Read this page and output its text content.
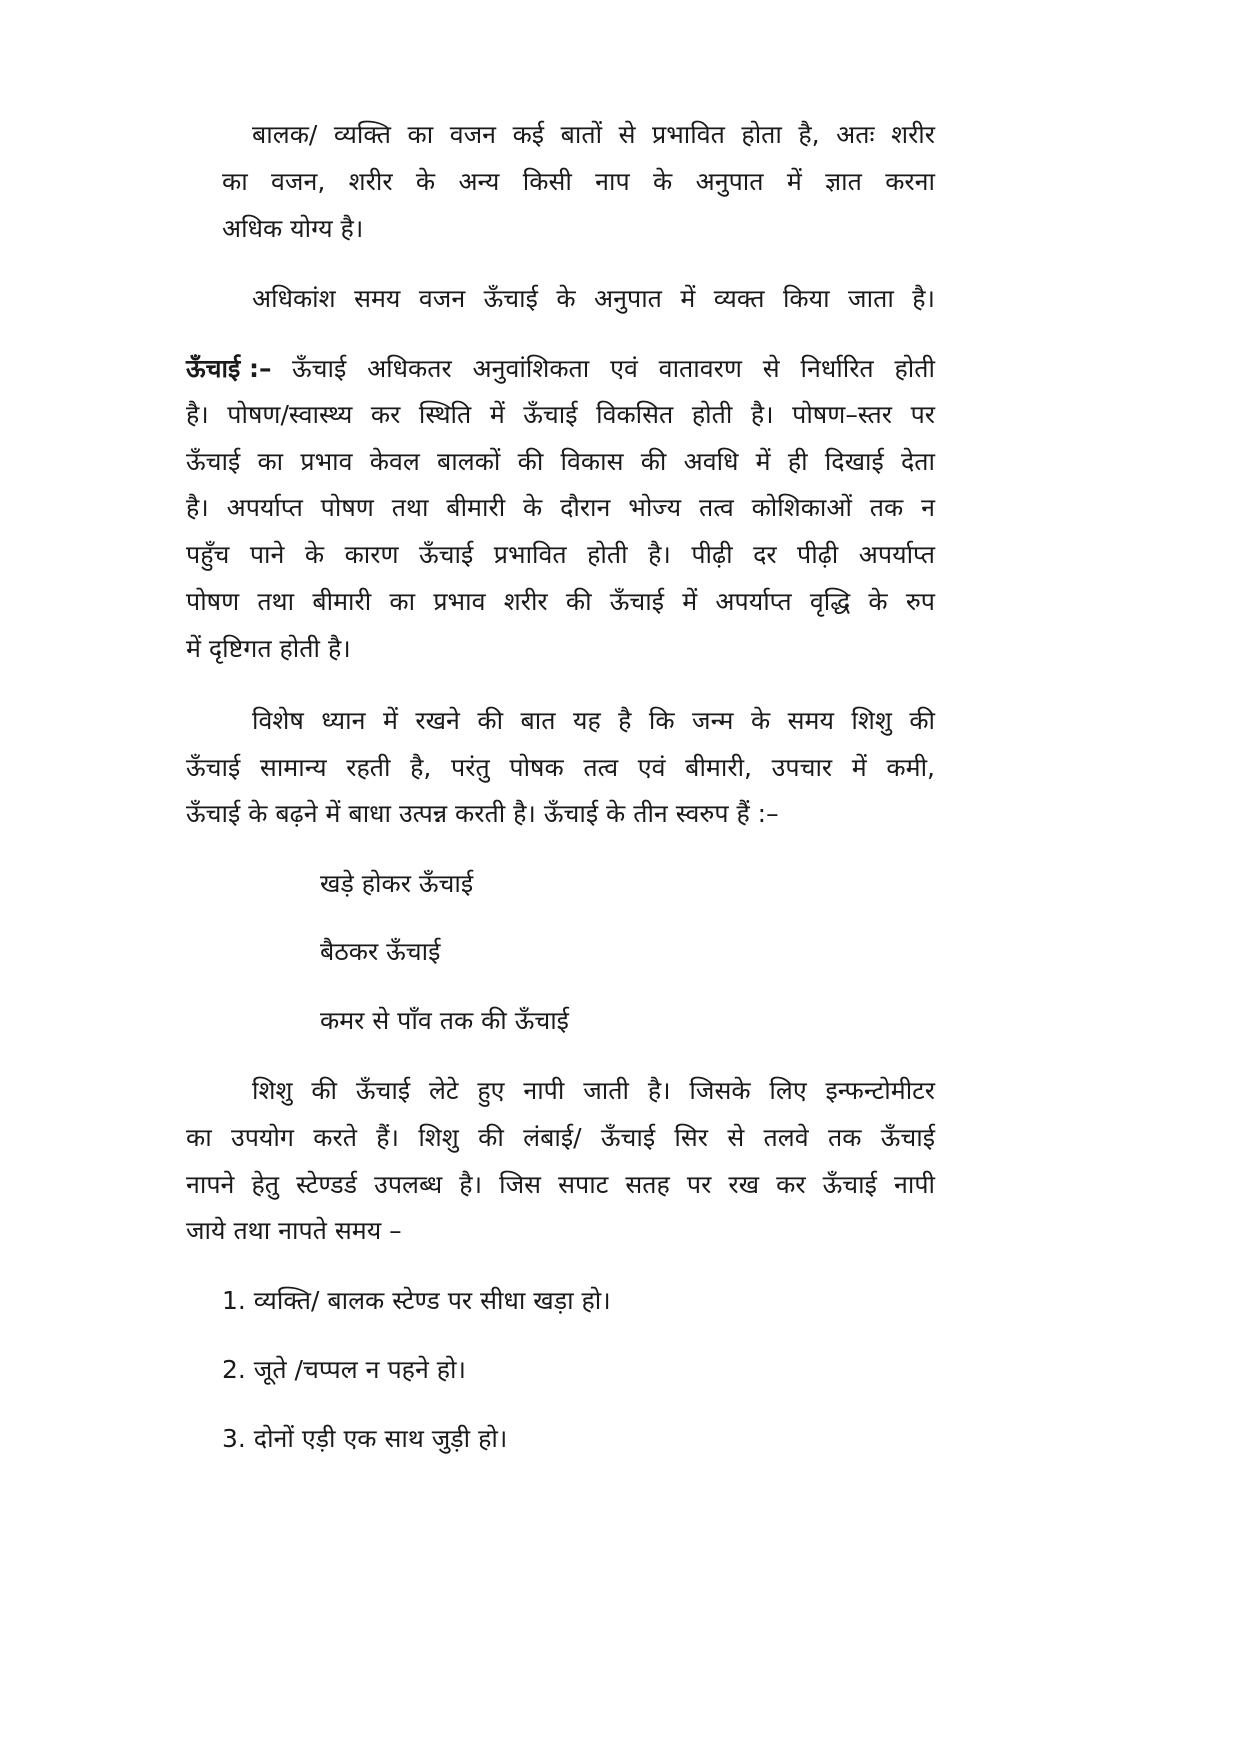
बालक/ व्यक्ति का वजन कई बातों से प्रभावित होता है, अतः शरीर
का वजन, शरीर के अन्य किसी नाप के अनुपात में ज्ञात करना
अधिक योग्य है।
अधिकांश समय वजन ऊँचाई के अनुपात में व्यक्त किया जाता है।
ऊँचाई :– ऊँचाई अधिकतर अनुवांशिकता एवं वातावरण से निर्धारित होती
है। पोषण/स्वास्थ्य कर स्थिति में ऊँचाई विकसित होती है। पोषण–स्तर पर
ऊँचाई का प्रभाव केवल बालकों की विकास की अवधि में ही दिखाई देता
है। अपर्याप्त पोषण तथा बीमारी के दौरान भोज्य तत्व कोशिकाओं तक न
पहुँच पाने के कारण ऊँचाई प्रभावित होती है। पीढ़ी दर पीढ़ी अपर्याप्त
पोषण तथा बीमारी का प्रभाव शरीर की ऊँचाई में अपर्याप्त वृद्धि के रुप
में दृष्टिगत होती है।
विशेष ध्यान में रखने की बात यह है कि जन्म के समय शिशु की
ऊँचाई सामान्य रहती है, परंतु पोषक तत्व एवं बीमारी, उपचार में कमी,
ऊँचाई के बढ़ने में बाधा उत्पन्न करती है। ऊँचाई के तीन स्वरुप हैं :–
खड़े होकर ऊँचाई
बैठकर ऊँचाई
कमर से पाँव तक की ऊँचाई
शिशु की ऊँचाई लेटे हुए नापी जाती है। जिसके लिए इन्फन्टोमीटर
का उपयोग करते हैं। शिशु की लंबाई/ ऊँचाई सिर से तलवे तक ऊँचाई
नापने हेतु स्टेण्डर्ड उपलब्ध है। जिस सपाट सतह पर रख कर ऊँचाई नापी
जाये तथा नापते समय –
1. व्यक्ति/ बालक स्टेण्ड पर सीधा खड़ा हो।
2. जूते /चप्पल न पहने हो।
3. दोनों एड़ी एक साथ जुड़ी हो।
